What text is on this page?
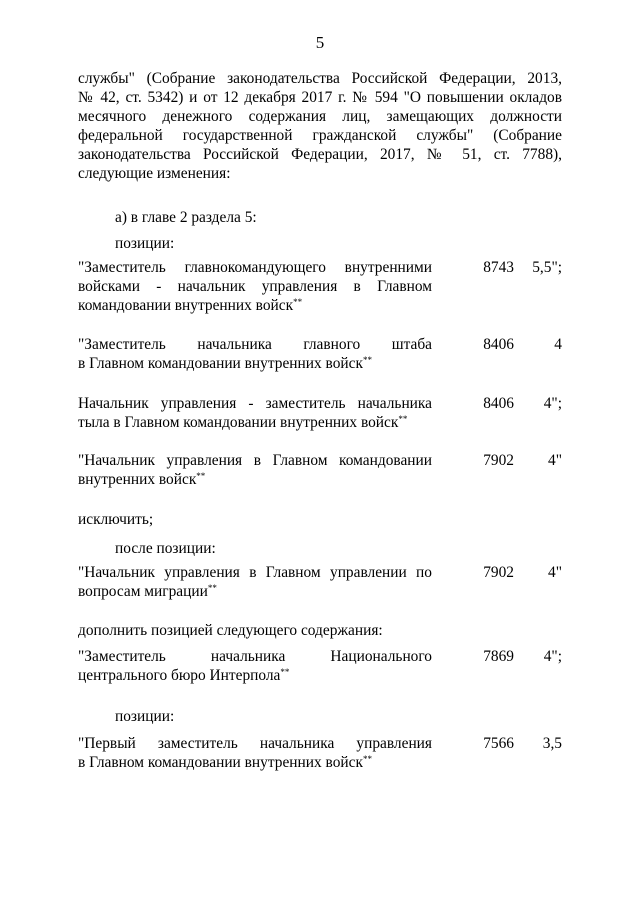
5
службы" (Собрание законодательства Российской Федерации, 2013,
№ 42, ст. 5342) и от 12 декабря 2017 г. № 594 "О повышении окладов
месячного денежного содержания лиц, замещающих должности
федеральной государственной гражданской службы" (Собрание
законодательства Российской Федерации, 2017, № 51, ст. 7788),
следующие изменения:
а) в главе 2 раздела 5:
позиции:
"Заместитель главнокомандующего внутренними
войсками - начальник управления в Главном
командовании внутренних войск**
8743	5,5";
"Заместитель начальника главного штаба
в Главном командовании внутренних войск**
8406	4
Начальник управления - заместитель начальника
тыла в Главном командовании внутренних войск**
8406	4";
"Начальник управления в Главном командовании
внутренних войск**
7902	4"
исключить;
после позиции:
"Начальник управления в Главном управлении по
вопросам миграции**
7902	4"
дополнить позицией следующего содержания:
"Заместитель начальника Национального
центрального бюро Интерпола**
7869	4";
позиции:
"Первый заместитель начальника управления
в Главном командовании внутренних войск**
7566	3,5
